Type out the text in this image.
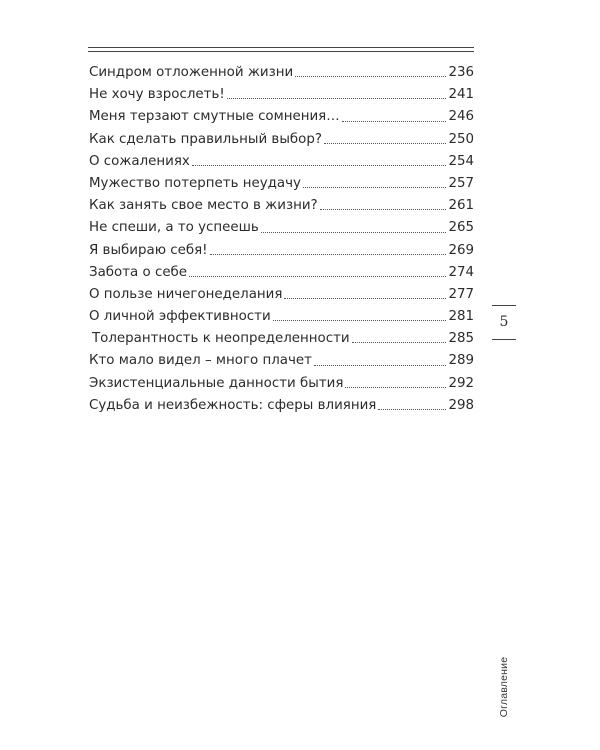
Синдром отложенной жизни	236
Не хочу взрослеть!	241
Меня терзают смутные сомнения…	246
Как сделать правильный выбор?	250
О сожалениях	254
Мужество потерпеть неудачу	257
Как занять свое место в жизни?	261
Не спеши, а то успеешь	265
Я выбираю себя!	269
Забота о себе	274
О пользе ничегонеделания	277
О личной эффективности	281
Толерантность к неопределенности	285
Кто мало видел – много плачет	289
Экзистенциальные данности бытия	292
Судьба и неизбежность: сферы влияния	298
5
Оглавление
